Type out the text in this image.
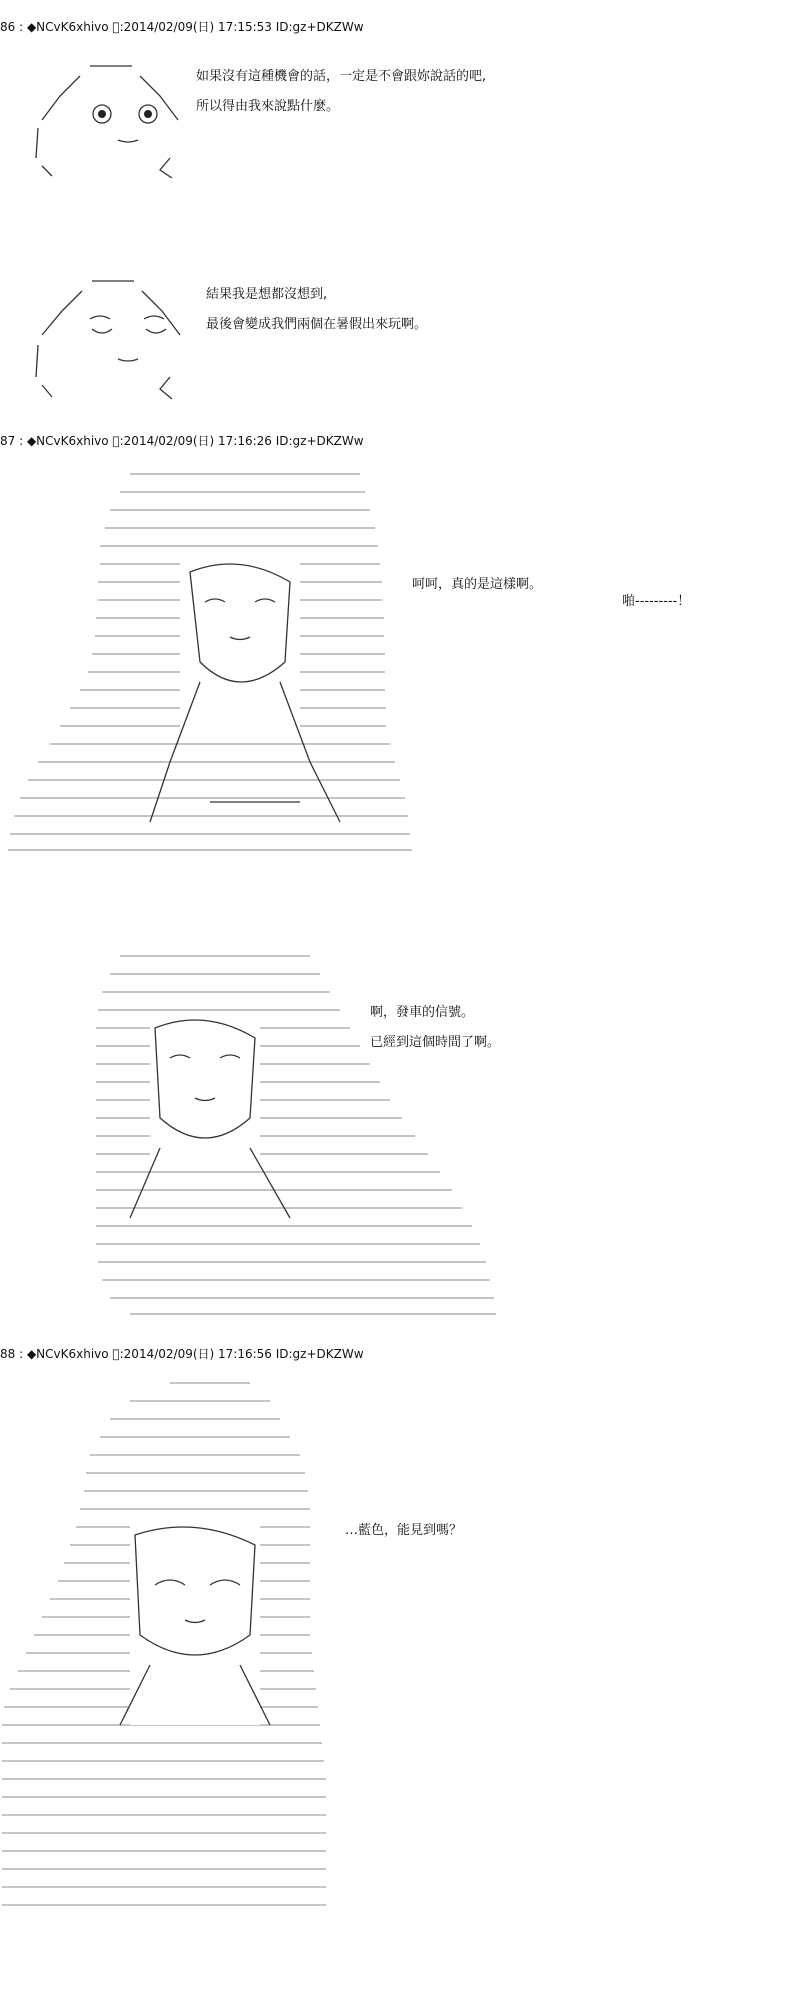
86 : ◆NCvK6xhivo  :2014/02/09(日) 17:15:53 ID:gz+DKZWw
如果沒有這種機會的話，一定是不會跟妳說話的吧,
所以得由我來說點什麼。
結果我是想都沒想到,
最後會變成我們兩個在暑假出來玩啊。
87 : ◆NCvK6xhivo  :2014/02/09(日) 17:16:26 ID:gz+DKZWw
呵呵，真的是這樣啊。
啪---------！
啊，發車的信號。
已經到這個時間了啊。
88 : ◆NCvK6xhivo  :2014/02/09(日) 17:16:56 ID:gz+DKZWw
…藍色，能見到嗎？
